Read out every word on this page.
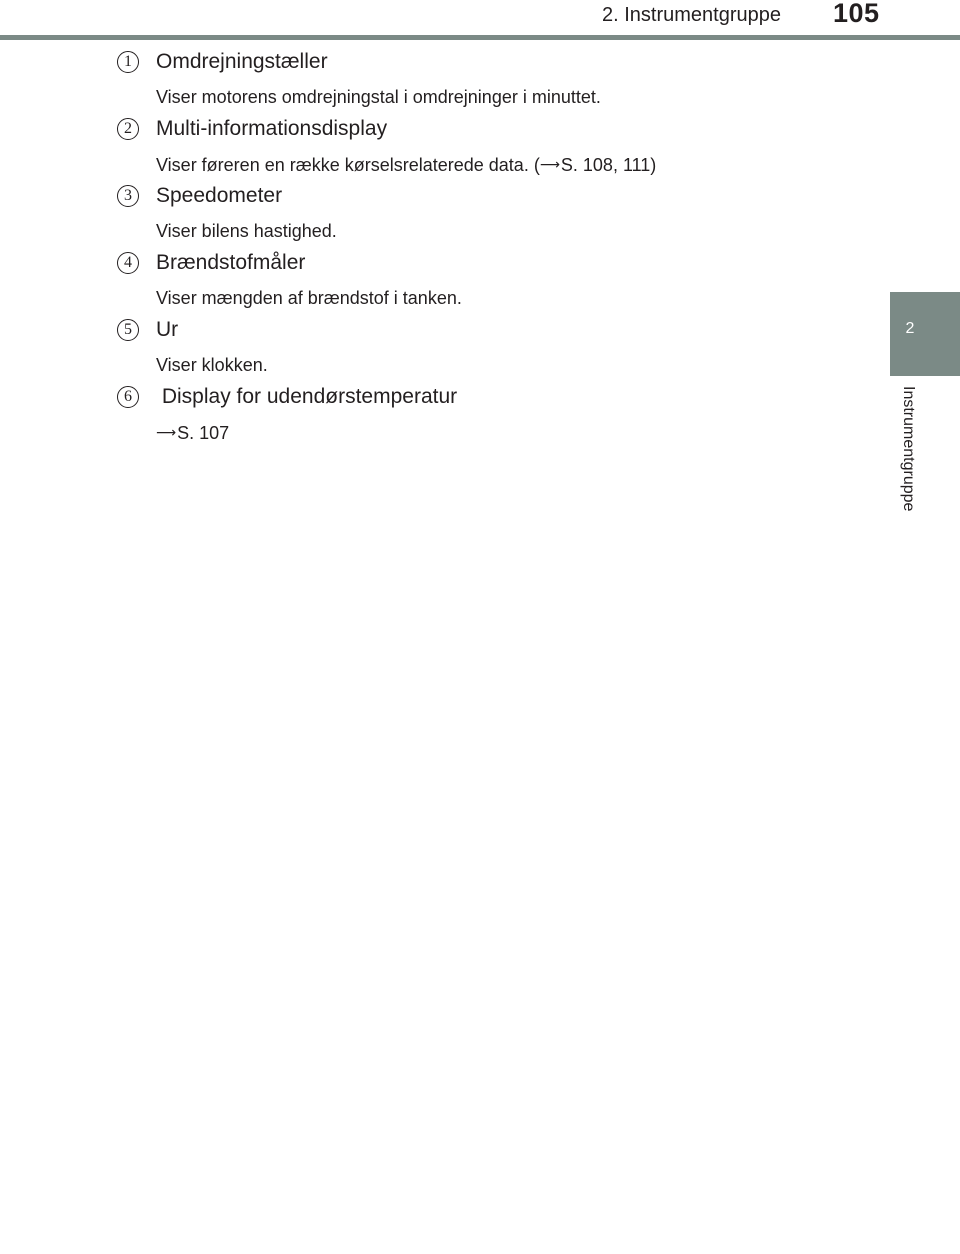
2. Instrumentgruppe 105
2
Instrumentgruppe
1	Omdrejningstæller
Viser motorens omdrejningstal i omdrejninger i minuttet.
2	Multi-informationsdisplay
Viser føreren en række kørselsrelaterede data. (⟶S. 108, 111)
3	Speedometer
Viser bilens hastighed.
4	Brændstofmåler
Viser mængden af brændstof i tanken.
5	Ur
Viser klokken.
6	Display for udendørstemperatur
⟶S. 107
